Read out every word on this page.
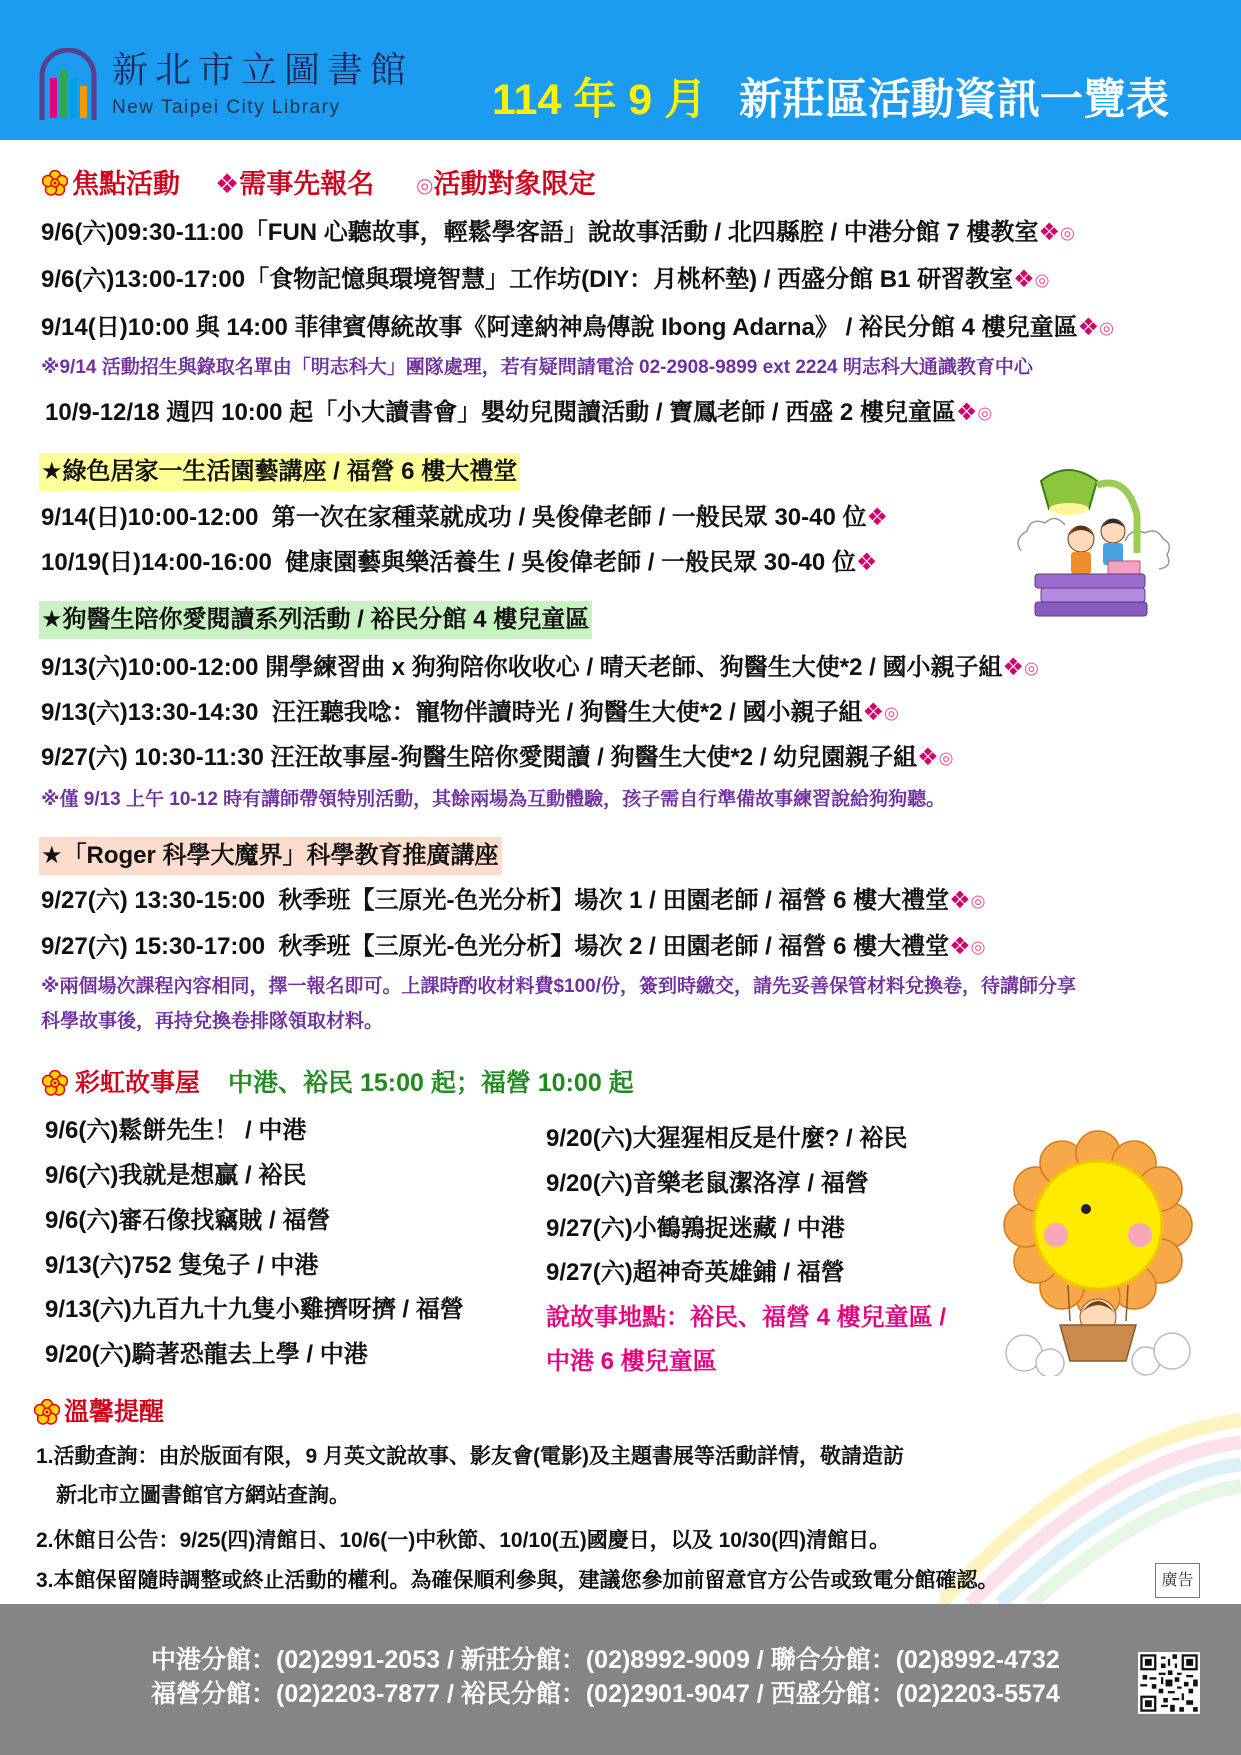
新北市立圖書館
New Taipei City Library	114 年 9 月 新莊區活動資訊一覽表
焦點活動 ❖需事先報名 ◎活動對象限定
9/6(六)09:30-11:00「FUN 心聽故事，輕鬆學客語」說故事活動 / 北四縣腔 / 中港分館 7 樓教室❖◎
9/6(六)13:00-17:00「食物記憶與環境智慧」工作坊(DIY：月桃杯墊) / 西盛分館 B1 研習教室❖◎
9/14(日)10:00 與 14:00 菲律賓傳統故事《阿達納神鳥傳說 Ibong Adarna》 / 裕民分館 4 樓兒童區❖◎
※9/14 活動招生與錄取名單由「明志科大」團隊處理，若有疑問請電洽 02-2908-9899 ext 2224 明志科大通識教育中心
10/9-12/18 週四 10:00 起「小大讀書會」嬰幼兒閱讀活動 / 寶鳳老師 / 西盛 2 樓兒童區❖◎
★綠色居家一生活園藝講座 / 福營 6 樓大禮堂
9/14(日)10:00-12:00  第一次在家種菜就成功 / 吳俊偉老師 / 一般民眾 30-40 位❖
10/19(日)14:00-16:00  健康園藝與樂活養生 / 吳俊偉老師 / 一般民眾 30-40 位❖
★狗醫生陪你愛閱讀系列活動 / 裕民分館 4 樓兒童區
9/13(六)10:00-12:00 開學練習曲 x 狗狗陪你收收心 / 晴天老師、狗醫生大使*2 / 國小親子組❖◎
9/13(六)13:30-14:30  汪汪聽我唸：寵物伴讀時光 / 狗醫生大使*2 / 國小親子組❖◎
9/27(六) 10:30-11:30 汪汪故事屋-狗醫生陪你愛閱讀 / 狗醫生大使*2 / 幼兒園親子組❖◎
※僅 9/13 上午 10-12 時有講師帶領特別活動，其餘兩場為互動體驗，孩子需自行準備故事練習說給狗狗聽。
★「Roger 科學大魔界」科學教育推廣講座
9/27(六) 13:30-15:00  秋季班【三原光-色光分析】場次 1 / 田園老師 / 福營 6 樓大禮堂❖◎
9/27(六) 15:30-17:00  秋季班【三原光-色光分析】場次 2 / 田園老師 / 福營 6 樓大禮堂❖◎
※兩個場次課程內容相同，擇一報名即可。上課時酌收材料費$100/份，簽到時繳交，請先妥善保管材料兌換卷，待講師分享
科學故事後，再持兌換卷排隊領取材料。
彩虹故事屋 中港、裕民 15:00 起；福營 10:00 起
9/6(六)鬆餅先生！ / 中港
9/6(六)我就是想贏 / 裕民
9/6(六)審石像找竊賊 / 福營
9/13(六)752 隻兔子 / 中港
9/13(六)九百九十九隻小雞擠呀擠 / 福營
9/20(六)騎著恐龍去上學 / 中港
9/20(六)大猩猩相反是什麼? / 裕民
9/20(六)音樂老鼠潔洛淳 / 福營
9/27(六)小鶴鶉捉迷藏 / 中港
9/27(六)超神奇英雄鋪 / 福營
說故事地點：裕民、福營 4 樓兒童區 /
中港 6 樓兒童區
溫馨提醒
1.活動查詢：由於版面有限，9 月英文說故事、影友會(電影)及主題書展等活動詳情，敬請造訪
新北市立圖書館官方網站查詢。
2.休館日公告：9/25(四)清館日、10/6(一)中秋節、10/10(五)國慶日，以及 10/30(四)清館日。
3.本館保留隨時調整或終止活動的權利。為確保順利參與，建議您參加前留意官方公告或致電分館確認。	廣告
中港分館：(02)2991-2053 / 新莊分館：(02)8992-9009 / 聯合分館：(02)8992-4732
福營分館：(02)2203-7877 / 裕民分館：(02)2901-9047 / 西盛分館：(02)2203-5574
